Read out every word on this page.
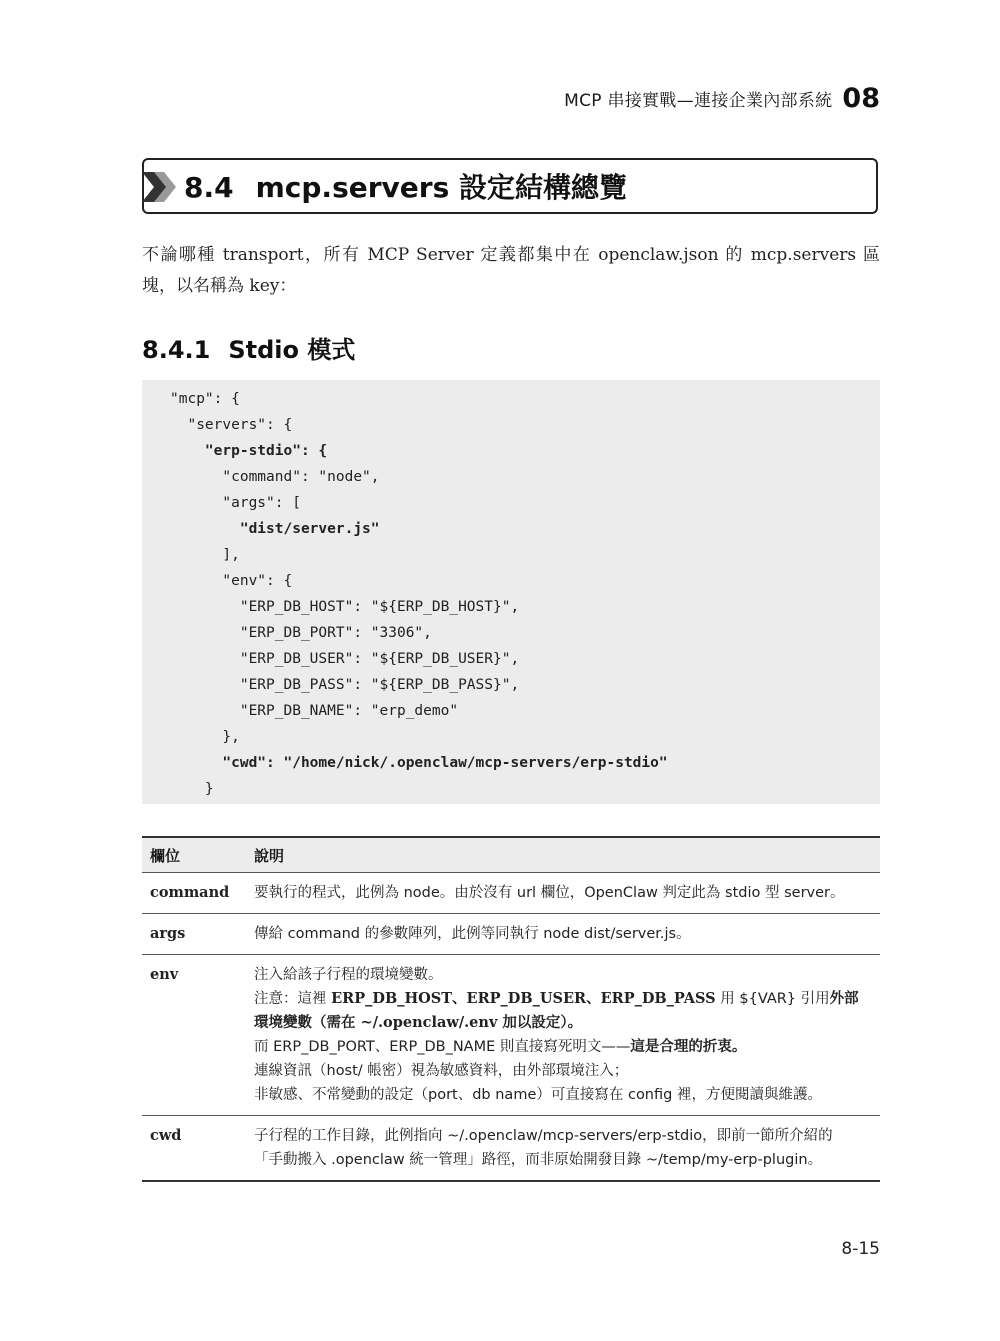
MCP 串接實戰—連接企業內部系統 08
8.4 mcp.servers 設定結構總覽
不論哪種 transport，所有 MCP Server 定義都集中在 openclaw.json 的 mcp.servers 區塊，以名稱為 key：
8.4.1 Stdio 模式
"mcp": {
"servers": {
"erp-stdio": {
"command": "node",
"args": [
"dist/server.js"
],
"env": {
"ERP_DB_HOST": "${ERP_DB_HOST}",
"ERP_DB_PORT": "3306",
"ERP_DB_USER": "${ERP_DB_USER}",
"ERP_DB_PASS": "${ERP_DB_PASS}",
"ERP_DB_NAME": "erp_demo"
},
"cwd": "/home/nick/.openclaw/mcp-servers/erp-stdio"
}
欄位	說明
command	要執行的程式，此例為 node。由於沒有 url 欄位，OpenClaw 判定此為 stdio 型 server。

args	傳給 command 的參數陣列，此例等同執行 node dist/server.js。

env	注入給該子行程的環境變數。
注意：這裡 ERP_DB_HOST、ERP_DB_USER、ERP_DB_PASS 用 ${VAR} 引用外部環境變數（需在 ~/.openclaw/.env 加以設定）。
而 ERP_DB_PORT、ERP_DB_NAME 則直接寫死明文——這是合理的折衷。
連線資訊（host/ 帳密）視為敏感資料，由外部環境注入；
非敏感、不常變動的設定（port、db name）可直接寫在 config 裡，方便閱讀與維護。

cwd	子行程的工作目錄，此例指向 ~/.openclaw/mcp-servers/erp-stdio，即前一節所介紹的
「手動搬入 .openclaw 統一管理」路徑，而非原始開發目錄 ~/temp/my-erp-plugin。
8-15
